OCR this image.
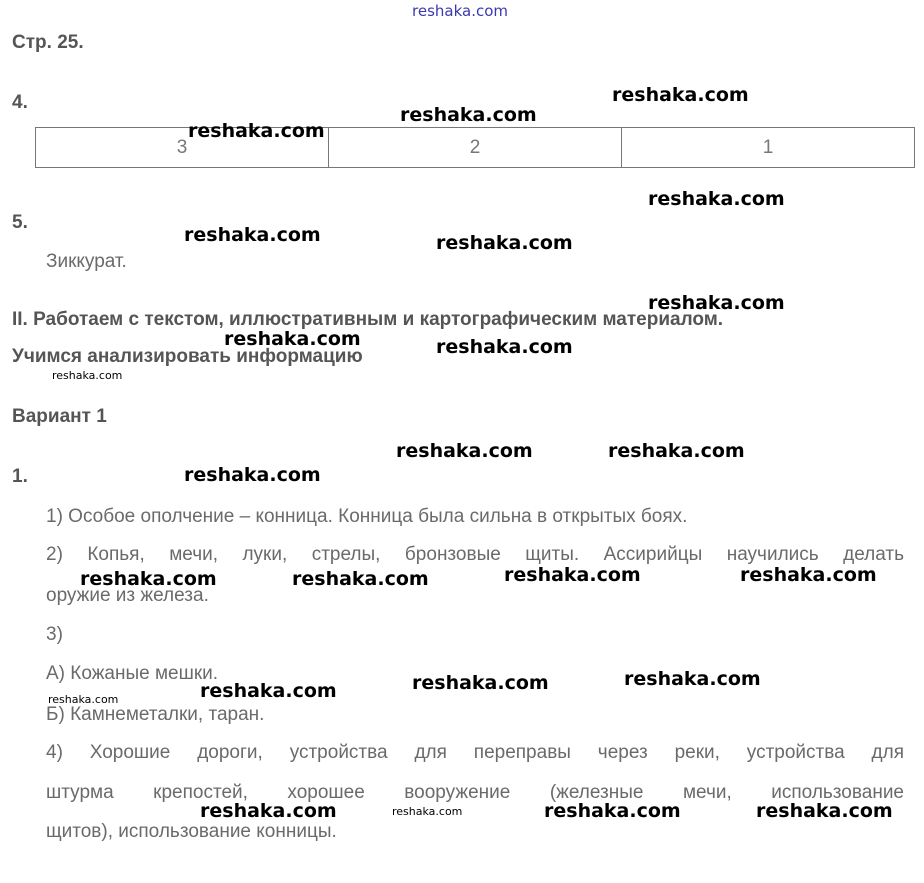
reshaka.com
Стр. 25.
4.
3	2	1
5.
Зиккурат.
II. Работаем с текстом, иллюстративным и картографическим материалом.
Учимся анализировать информацию
Вариант 1
1.
1) Особое ополчение – конница. Конница была сильна в открытых боях.
2) Копья, мечи, луки, стрелы, бронзовые щиты. Ассирийцы научились делать
оружие из железа.
3)
А) Кожаные мешки.
Б) Камнеметалки, таран.
4) Хорошие дороги, устройства для переправы через реки, устройства для
штурма крепостей, хорошее вооружение (железные мечи, использование
щитов), использование конницы.
reshaka.com
reshaka.com
reshaka.com
reshaka.com
reshaka.com	reshaka.com
reshaka.com
reshaka.com	reshaka.com
reshaka.com	reshaka.com
reshaka.com
reshaka.com	reshaka.com	reshaka.com	reshaka.com
reshaka.com
reshaka.com
reshaka.com
reshaka.com	reshaka.com	reshaka.com
reshaka.com
reshaka.com
reshaka.com
